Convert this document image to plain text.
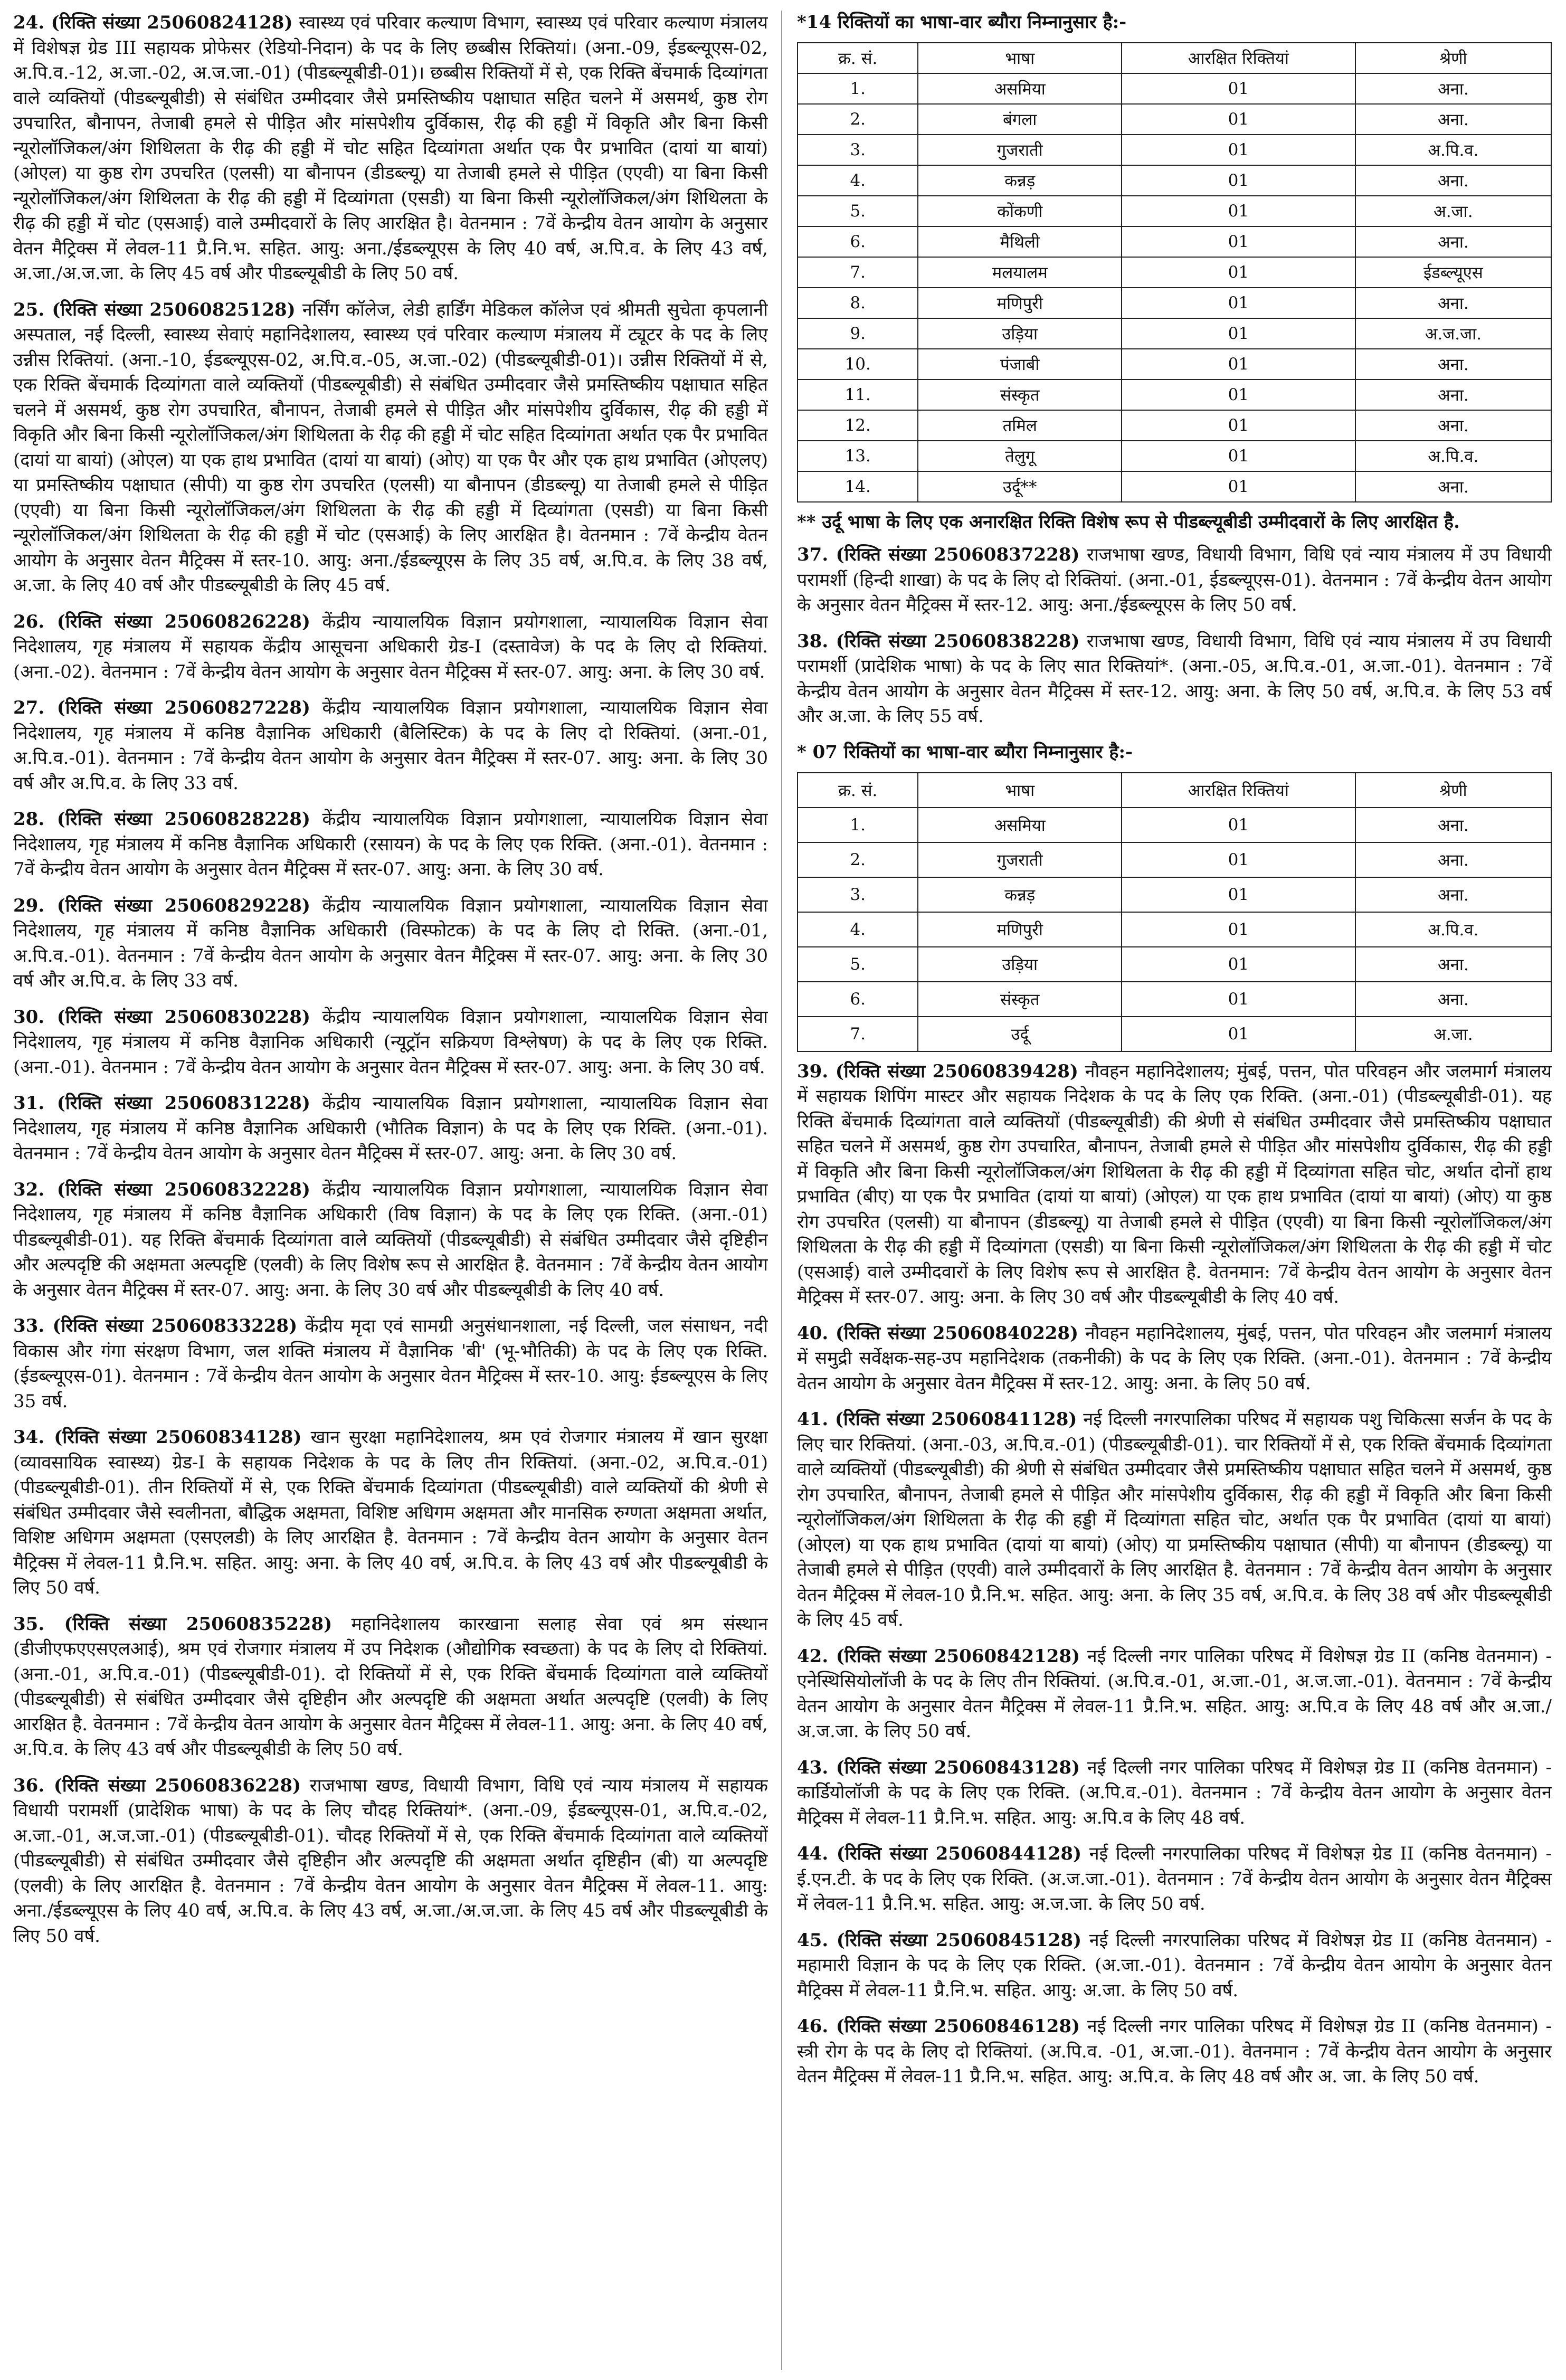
24. (रिक्ति संख्या 25060824128) स्वास्थ्य एवं परिवार कल्याण विभाग, स्वास्थ्य एवं परिवार कल्याण मंत्रालय में विशेषज्ञ ग्रेड III सहायक प्रोफेसर (रेडियो-निदान) के पद के लिए छब्बीस रिक्तियां। (अना.-09, ईडब्ल्यूएस-02, अ.पि.व.-12, अ.जा.-02, अ.ज.जा.-01) (पीडब्ल्यूबीडी-01)। छब्बीस रिक्तियों में से, एक रिक्ति बेंचमार्क दिव्यांगता वाले व्यक्तियों (पीडब्ल्यूबीडी) से संबंधित उम्मीदवार जैसे प्रमस्तिष्कीय पक्षाघात सहित चलने में असमर्थ, कुष्ठ रोग उपचारित, बौनापन, तेजाबी हमले से पीड़ित और मांसपेशीय दुर्विकास, रीढ़ की हड्डी में विकृति और बिना किसी न्यूरोलॉजिकल/अंग शिथिलता के रीढ़ की हड्डी में चोट सहित दिव्यांगता अर्थात एक पैर प्रभावित (दायां या बायां) (ओएल) या कुष्ठ रोग उपचरित (एलसी) या बौनापन (डीडब्ल्यू) या तेजाबी हमले से पीड़ित (एएवी) या बिना किसी न्यूरोलॉजिकल/अंग शिथिलता के रीढ़ की हड्डी में दिव्यांगता (एसडी) या बिना किसी न्यूरोलॉजिकल/अंग शिथिलता के रीढ़ की हड्डी में चोट (एसआई) वाले उम्मीदवारों के लिए आरक्षित है। वेतनमान : 7वें केन्द्रीय वेतन आयोग के अनुसार वेतन मैट्रिक्स में लेवल-11 प्रै.नि.भ. सहित. आयु: अना./ईडब्ल्यूएस के लिए 40 वर्ष, अ.पि.व. के लिए 43 वर्ष, अ.जा./अ.ज.जा. के लिए 45 वर्ष और पीडब्ल्यूबीडी के लिए 50 वर्ष.

25. (रिक्ति संख्या 25060825128) नर्सिंग कॉलेज, लेडी हार्डिंग मेडिकल कॉलेज एवं श्रीमती सुचेता कृपलानी अस्पताल, नई दिल्ली, स्वास्थ्य सेवाएं महानिदेशालय, स्वास्थ्य एवं परिवार कल्याण मंत्रालय में ट्यूटर के पद के लिए उन्नीस रिक्तियां. (अना.-10, ईडब्ल्यूएस-02, अ.पि.व.-05, अ.जा.-02) (पीडब्ल्यूबीडी-01)। उन्नीस रिक्तियों में से, एक रिक्ति बेंचमार्क दिव्यांगता वाले व्यक्तियों (पीडब्ल्यूबीडी) से संबंधित उम्मीदवार जैसे प्रमस्तिष्कीय पक्षाघात सहित चलने में असमर्थ, कुष्ठ रोग उपचारित, बौनापन, तेजाबी हमले से पीड़ित और मांसपेशीय दुर्विकास, रीढ़ की हड्डी में विकृति और बिना किसी न्यूरोलॉजिकल/अंग शिथिलता के रीढ़ की हड्डी में चोट सहित दिव्यांगता अर्थात एक पैर प्रभावित (दायां या बायां) (ओएल) या एक हाथ प्रभावित (दायां या बायां) (ओए) या एक पैर और एक हाथ प्रभावित (ओएलए) या प्रमस्तिष्कीय पक्षाघात (सीपी) या कुष्ठ रोग उपचरित (एलसी) या बौनापन (डीडब्ल्यू) या तेजाबी हमले से पीड़ित (एएवी) या बिना किसी न्यूरोलॉजिकल/अंग शिथिलता के रीढ़ की हड्डी में दिव्यांगता (एसडी) या बिना किसी न्यूरोलॉजिकल/अंग शिथिलता के रीढ़ की हड्डी में चोट (एसआई) के लिए आरक्षित है। वेतनमान : 7वें केन्द्रीय वेतन आयोग के अनुसार वेतन मैट्रिक्स में स्तर-10. आयु: अना./ईडब्ल्यूएस के लिए 35 वर्ष, अ.पि.व. के लिए 38 वर्ष, अ.जा. के लिए 40 वर्ष और पीडब्ल्यूबीडी के लिए 45 वर्ष.

26. (रिक्ति संख्या 25060826228) केंद्रीय न्यायालयिक विज्ञान प्रयोगशाला, न्यायालयिक विज्ञान सेवा निदेशालय, गृह मंत्रालय में सहायक केंद्रीय आसूचना अधिकारी ग्रेड-I (दस्तावेज) के पद के लिए दो रिक्तियां. (अना.-02). वेतनमान : 7वें केन्द्रीय वेतन आयोग के अनुसार वेतन मैट्रिक्स में स्तर-07. आयु: अना. के लिए 30 वर्ष.

27. (रिक्ति संख्या 25060827228) केंद्रीय न्यायालयिक विज्ञान प्रयोगशाला, न्यायालयिक विज्ञान सेवा निदेशालय, गृह मंत्रालय में कनिष्ठ वैज्ञानिक अधिकारी (बैलिस्टिक) के पद के लिए दो रिक्तियां. (अना.-01, अ.पि.व.-01). वेतनमान : 7वें केन्द्रीय वेतन आयोग के अनुसार वेतन मैट्रिक्स में स्तर-07. आयु: अना. के लिए 30 वर्ष और अ.पि.व. के लिए 33 वर्ष.

28. (रिक्ति संख्या 25060828228) केंद्रीय न्यायालयिक विज्ञान प्रयोगशाला, न्यायालयिक विज्ञान सेवा निदेशालय, गृह मंत्रालय में कनिष्ठ वैज्ञानिक अधिकारी (रसायन) के पद के लिए एक रिक्ति. (अना.-01). वेतनमान : 7वें केन्द्रीय वेतन आयोग के अनुसार वेतन मैट्रिक्स में स्तर-07. आयु: अना. के लिए 30 वर्ष.

29. (रिक्ति संख्या 25060829228) केंद्रीय न्यायालयिक विज्ञान प्रयोगशाला, न्यायालयिक विज्ञान सेवा निदेशालय, गृह मंत्रालय में कनिष्ठ वैज्ञानिक अधिकारी (विस्फोटक) के पद के लिए दो रिक्ति. (अना.-01, अ.पि.व.-01). वेतनमान : 7वें केन्द्रीय वेतन आयोग के अनुसार वेतन मैट्रिक्स में स्तर-07. आयु: अना. के लिए 30 वर्ष और अ.पि.व. के लिए 33 वर्ष.

30. (रिक्ति संख्या 25060830228) केंद्रीय न्यायालयिक विज्ञान प्रयोगशाला, न्यायालयिक विज्ञान सेवा निदेशालय, गृह मंत्रालय में कनिष्ठ वैज्ञानिक अधिकारी (न्यूट्रॉन सक्रियण विश्लेषण) के पद के लिए एक रिक्ति. (अना.-01). वेतनमान : 7वें केन्द्रीय वेतन आयोग के अनुसार वेतन मैट्रिक्स में स्तर-07. आयु: अना. के लिए 30 वर्ष.

31. (रिक्ति संख्या 25060831228) केंद्रीय न्यायालयिक विज्ञान प्रयोगशाला, न्यायालयिक विज्ञान सेवा निदेशालय, गृह मंत्रालय में कनिष्ठ वैज्ञानिक अधिकारी (भौतिक विज्ञान) के पद के लिए एक रिक्ति. (अना.-01). वेतनमान : 7वें केन्द्रीय वेतन आयोग के अनुसार वेतन मैट्रिक्स में स्तर-07. आयु: अना. के लिए 30 वर्ष.

32. (रिक्ति संख्या 25060832228) केंद्रीय न्यायालयिक विज्ञान प्रयोगशाला, न्यायालयिक विज्ञान सेवा निदेशालय, गृह मंत्रालय में कनिष्ठ वैज्ञानिक अधिकारी (विष विज्ञान) के पद के लिए एक रिक्ति. (अना.-01) पीडब्ल्यूबीडी-01). यह रिक्ति बेंचमार्क दिव्यांगता वाले व्यक्तियों (पीडब्ल्यूबीडी) से संबंधित उम्मीदवार जैसे दृष्टिहीन और अल्पदृष्टि की अक्षमता अल्पदृष्टि (एलवी) के लिए विशेष रूप से आरक्षित है. वेतनमान : 7वें केन्द्रीय वेतन आयोग के अनुसार वेतन मैट्रिक्स में स्तर-07. आयु: अना. के लिए 30 वर्ष और पीडब्ल्यूबीडी के लिए 40 वर्ष.

33. (रिक्ति संख्या 25060833228) केंद्रीय मृदा एवं सामग्री अनुसंधानशाला, नई दिल्ली, जल संसाधन, नदी विकास और गंगा संरक्षण विभाग, जल शक्ति मंत्रालय में वैज्ञानिक 'बी' (भू-भौतिकी) के पद के लिए एक रिक्ति. (ईडब्ल्यूएस-01). वेतनमान : 7वें केन्द्रीय वेतन आयोग के अनुसार वेतन मैट्रिक्स में स्तर-10. आयु: ईडब्ल्यूएस के लिए 35 वर्ष.

34. (रिक्ति संख्या 25060834128) खान सुरक्षा महानिदेशालय, श्रम एवं रोजगार मंत्रालय में खान सुरक्षा (व्यावसायिक स्वास्थ्य) ग्रेड-I के सहायक निदेशक के पद के लिए तीन रिक्तियां. (अना.-02, अ.पि.व.-01) (पीडब्ल्यूबीडी-01). तीन रिक्तियों में से, एक रिक्ति बेंचमार्क दिव्यांगता (पीडब्ल्यूबीडी) वाले व्यक्तियों की श्रेणी से संबंधित उम्मीदवार जैसे स्वलीनता, बौद्धिक अक्षमता, विशिष्ट अधिगम अक्षमता और मानसिक रुग्णता अक्षमता अर्थात, विशिष्ट अधिगम अक्षमता (एसएलडी) के लिए आरक्षित है. वेतनमान : 7वें केन्द्रीय वेतन आयोग के अनुसार वेतन मैट्रिक्स में लेवल-11 प्रै.नि.भ. सहित. आयु: अना. के लिए 40 वर्ष, अ.पि.व. के लिए 43 वर्ष और पीडब्ल्यूबीडी के लिए 50 वर्ष.

35. (रिक्ति संख्या 25060835228) महानिदेशालय कारखाना सलाह सेवा एवं श्रम संस्थान (डीजीएफएएसएलआई), श्रम एवं रोजगार मंत्रालय में उप निदेशक (औद्योगिक स्वच्छता) के पद के लिए दो रिक्तियां. (अना.-01, अ.पि.व.-01) (पीडब्ल्यूबीडी-01). दो रिक्तियों में से, एक रिक्ति बेंचमार्क दिव्यांगता वाले व्यक्तियों (पीडब्ल्यूबीडी) से संबंधित उम्मीदवार जैसे दृष्टिहीन और अल्पदृष्टि की अक्षमता अर्थात अल्पदृष्टि (एलवी) के लिए आरक्षित है. वेतनमान : 7वें केन्द्रीय वेतन आयोग के अनुसार वेतन मैट्रिक्स में लेवल-11. आयु: अना. के लिए 40 वर्ष, अ.पि.व. के लिए 43 वर्ष और पीडब्ल्यूबीडी के लिए 50 वर्ष.

36. (रिक्ति संख्या 25060836228) राजभाषा खण्ड, विधायी विभाग, विधि एवं न्याय मंत्रालय में सहायक विधायी परामर्शी (प्रादेशिक भाषा) के पद के लिए चौदह रिक्तियां*. (अना.-09, ईडब्ल्यूएस-01, अ.पि.व.-02, अ.जा.-01, अ.ज.जा.-01) (पीडब्ल्यूबीडी-01). चौदह रिक्तियों में से, एक रिक्ति बेंचमार्क दिव्यांगता वाले व्यक्तियों (पीडब्ल्यूबीडी) से संबंधित उम्मीदवार जैसे दृष्टिहीन और अल्पदृष्टि की अक्षमता अर्थात दृष्टिहीन (बी) या अल्पदृष्टि (एलवी) के लिए आरक्षित है. वेतनमान : 7वें केन्द्रीय वेतन आयोग के अनुसार वेतन मैट्रिक्स में लेवल-11. आयु: अना./ईडब्ल्यूएस के लिए 40 वर्ष, अ.पि.व. के लिए 43 वर्ष, अ.जा./अ.ज.जा. के लिए 45 वर्ष और पीडब्ल्यूबीडी के लिए 50 वर्ष.

*14 रिक्तियों का भाषा-वार ब्यौरा निम्नानुसार है:-
क्र. सं.	भाषा	आरक्षित रिक्तियां	श्रेणी
1.	असमिया	01	अना.
2.	बंगला	01	अना.
3.	गुजराती	01	अ.पि.व.
4.	कन्नड़	01	अना.
5.	कोंकणी	01	अ.जा.
6.	मैथिली	01	अना.
7.	मलयालम	01	ईडब्ल्यूएस
8.	मणिपुरी	01	अना.
9.	उड़िया	01	अ.ज.जा.
10.	पंजाबी	01	अना.
11.	संस्कृत	01	अना.
12.	तमिल	01	अना.
13.	तेलुगू	01	अ.पि.व.
14.	उर्दू**	01	अना.
** उर्दू भाषा के लिए एक अनारक्षित रिक्ति विशेष रूप से पीडब्ल्यूबीडी उम्मीदवारों के लिए आरक्षित है.

37. (रिक्ति संख्या 25060837228) राजभाषा खण्ड, विधायी विभाग, विधि एवं न्याय मंत्रालय में उप विधायी परामर्शी (हिन्दी शाखा) के पद के लिए दो रिक्तियां. (अना.-01, ईडब्ल्यूएस-01). वेतनमान : 7वें केन्द्रीय वेतन आयोग के अनुसार वेतन मैट्रिक्स में स्तर-12. आयु: अना./ईडब्ल्यूएस के लिए 50 वर्ष.

38. (रिक्ति संख्या 25060838228) राजभाषा खण्ड, विधायी विभाग, विधि एवं न्याय मंत्रालय में उप विधायी परामर्शी (प्रादेशिक भाषा) के पद के लिए सात रिक्तियां*. (अना.-05, अ.पि.व.-01, अ.जा.-01). वेतनमान : 7वें केन्द्रीय वेतन आयोग के अनुसार वेतन मैट्रिक्स में स्तर-12. आयु: अना. के लिए 50 वर्ष, अ.पि.व. के लिए 53 वर्ष और अ.जा. के लिए 55 वर्ष.

* 07 रिक्तियों का भाषा-वार ब्यौरा निम्नानुसार है:-
क्र. सं.	भाषा	आरक्षित रिक्तियां	श्रेणी
1.	असमिया	01	अना.
2.	गुजराती	01	अना.
3.	कन्नड़	01	अना.
4.	मणिपुरी	01	अ.पि.व.
5.	उड़िया	01	अना.
6.	संस्कृत	01	अना.
7.	उर्दू	01	अ.जा.

39. (रिक्ति संख्या 25060839428) नौवहन महानिदेशालय; मुंबई, पत्तन, पोत परिवहन और जलमार्ग मंत्रालय में सहायक शिपिंग मास्टर और सहायक निदेशक के पद के लिए एक रिक्ति. (अना.-01) (पीडब्ल्यूबीडी-01). यह रिक्ति बेंचमार्क दिव्यांगता वाले व्यक्तियों (पीडब्ल्यूबीडी) की श्रेणी से संबंधित उम्मीदवार जैसे प्रमस्तिष्कीय पक्षाघात सहित चलने में असमर्थ, कुष्ठ रोग उपचारित, बौनापन, तेजाबी हमले से पीड़ित और मांसपेशीय दुर्विकास, रीढ़ की हड्डी में विकृति और बिना किसी न्यूरोलॉजिकल/अंग शिथिलता के रीढ़ की हड्डी में दिव्यांगता सहित चोट, अर्थात दोनों हाथ प्रभावित (बीए) या एक पैर प्रभावित (दायां या बायां) (ओएल) या एक हाथ प्रभावित (दायां या बायां) (ओए) या कुष्ठ रोग उपचरित (एलसी) या बौनापन (डीडब्ल्यू) या तेजाबी हमले से पीड़ित (एएवी) या बिना किसी न्यूरोलॉजिकल/अंग शिथिलता के रीढ़ की हड्डी में दिव्यांगता (एसडी) या बिना किसी न्यूरोलॉजिकल/अंग शिथिलता के रीढ़ की हड्डी में चोट (एसआई) वाले उम्मीदवारों के लिए विशेष रूप से आरक्षित है. वेतनमान: 7वें केन्द्रीय वेतन आयोग के अनुसार वेतन मैट्रिक्स में स्तर-07. आयु: अना. के लिए 30 वर्ष और पीडब्ल्यूबीडी के लिए 40 वर्ष.

40. (रिक्ति संख्या 25060840228) नौवहन महानिदेशालय, मुंबई, पत्तन, पोत परिवहन और जलमार्ग मंत्रालय में समुद्री सर्वेक्षक-सह-उप महानिदेशक (तकनीकी) के पद के लिए एक रिक्ति. (अना.-01). वेतनमान : 7वें केन्द्रीय वेतन आयोग के अनुसार वेतन मैट्रिक्स में स्तर-12. आयु: अना. के लिए 50 वर्ष.

41. (रिक्ति संख्या 25060841128) नई दिल्ली नगरपालिका परिषद में सहायक पशु चिकित्सा सर्जन के पद के लिए चार रिक्तियां. (अना.-03, अ.पि.व.-01) (पीडब्ल्यूबीडी-01). चार रिक्तियों में से, एक रिक्ति बेंचमार्क दिव्यांगता वाले व्यक्तियों (पीडब्ल्यूबीडी) की श्रेणी से संबंधित उम्मीदवार जैसे प्रमस्तिष्कीय पक्षाघात सहित चलने में असमर्थ, कुष्ठ रोग उपचारित, बौनापन, तेजाबी हमले से पीड़ित और मांसपेशीय दुर्विकास, रीढ़ की हड्डी में विकृति और बिना किसी न्यूरोलॉजिकल/अंग शिथिलता के रीढ़ की हड्डी में दिव्यांगता सहित चोट, अर्थात एक पैर प्रभावित (दायां या बायां) (ओएल) या एक हाथ प्रभावित (दायां या बायां) (ओए) या प्रमस्तिष्कीय पक्षाघात (सीपी) या बौनापन (डीडब्ल्यू) या तेजाबी हमले से पीड़ित (एएवी) वाले उम्मीदवारों के लिए आरक्षित है. वेतनमान : 7वें केन्द्रीय वेतन आयोग के अनुसार वेतन मैट्रिक्स में लेवल-10 प्रै.नि.भ. सहित. आयु: अना. के लिए 35 वर्ष, अ.पि.व. के लिए 38 वर्ष और पीडब्ल्यूबीडी के लिए 45 वर्ष.

42. (रिक्ति संख्या 25060842128) नई दिल्ली नगर पालिका परिषद में विशेषज्ञ ग्रेड II (कनिष्ठ वेतनमान) - एनेस्थिसियोलॉजी के पद के लिए तीन रिक्तियां. (अ.पि.व.-01, अ.जा.-01, अ.ज.जा.-01). वेतनमान : 7वें केन्द्रीय वेतन आयोग के अनुसार वेतन मैट्रिक्स में लेवल-11 प्रै.नि.भ. सहित. आयु: अ.पि.व के लिए 48 वर्ष और अ.जा./अ.ज.जा. के लिए 50 वर्ष.

43. (रिक्ति संख्या 25060843128) नई दिल्ली नगर पालिका परिषद में विशेषज्ञ ग्रेड II (कनिष्ठ वेतनमान) - कार्डियोलॉजी के पद के लिए एक रिक्ति. (अ.पि.व.-01). वेतनमान : 7वें केन्द्रीय वेतन आयोग के अनुसार वेतन मैट्रिक्स में लेवल-11 प्रै.नि.भ. सहित. आयु: अ.पि.व के लिए 48 वर्ष.

44. (रिक्ति संख्या 25060844128) नई दिल्ली नगरपालिका परिषद में विशेषज्ञ ग्रेड II (कनिष्ठ वेतनमान) - ई.एन.टी. के पद के लिए एक रिक्ति. (अ.ज.जा.-01). वेतनमान : 7वें केन्द्रीय वेतन आयोग के अनुसार वेतन मैट्रिक्स में लेवल-11 प्रै.नि.भ. सहित. आयु: अ.ज.जा. के लिए 50 वर्ष.

45. (रिक्ति संख्या 25060845128) नई दिल्ली नगरपालिका परिषद में विशेषज्ञ ग्रेड II (कनिष्ठ वेतनमान) - महामारी विज्ञान के पद के लिए एक रिक्ति. (अ.जा.-01). वेतनमान : 7वें केन्द्रीय वेतन आयोग के अनुसार वेतन मैट्रिक्स में लेवल-11 प्रै.नि.भ. सहित. आयु: अ.जा. के लिए 50 वर्ष.

46. (रिक्ति संख्या 25060846128) नई दिल्ली नगर पालिका परिषद में विशेषज्ञ ग्रेड II (कनिष्ठ वेतनमान) - स्त्री रोग के पद के लिए दो रिक्तियां. (अ.पि.व. -01, अ.जा.-01). वेतनमान : 7वें केन्द्रीय वेतन आयोग के अनुसार वेतन मैट्रिक्स में लेवल-11 प्रै.नि.भ. सहित. आयु: अ.पि.व. के लिए 48 वर्ष और अ. जा. के लिए 50 वर्ष.
